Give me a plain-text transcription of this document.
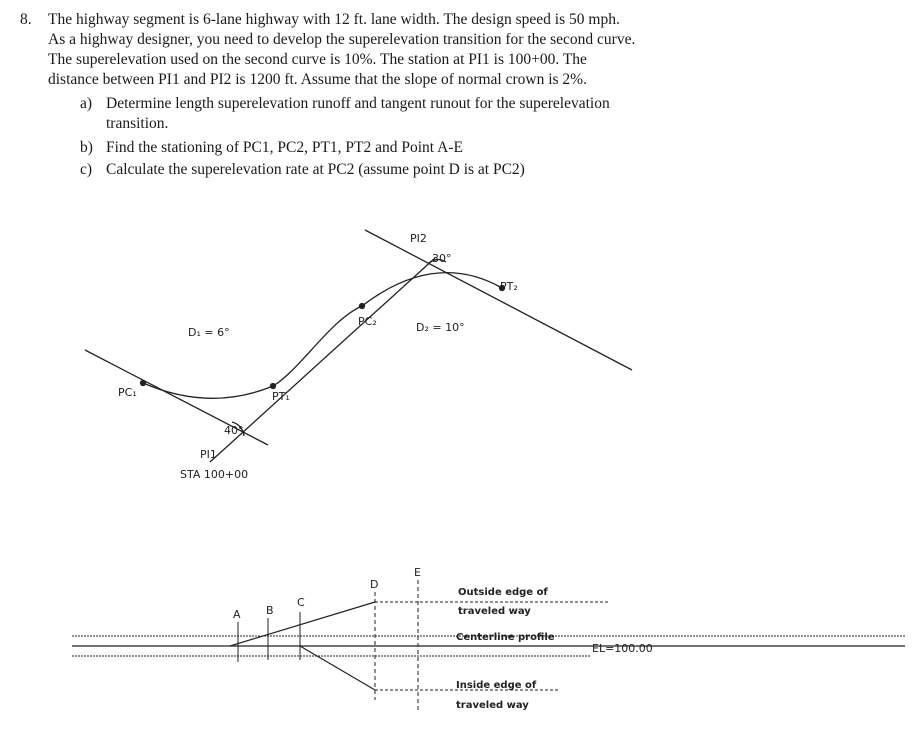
8. The highway segment is 6-lane highway with 12 ft. lane width. The design speed is 50 mph.
As a highway designer, you need to develop the superelevation transition for the second curve.
The superelevation used on the second curve is 10%. The station at PI1 is 100+00. The
distance between PI1 and PI2 is 1200 ft. Assume that the slope of normal crown is 2%.
a) Determine length superelevation runoff and tangent runout for the superelevation
transition.
b) Find the stationing of PC1, PC2, PT1, PT2 and Point A-E
c) Calculate the superelevation rate at PC2 (assume point D is at PC2)
PC₁	PT₁
PI1
STA 100+00
D₁ = 6°
40°
PC₂
PI2
30°
D₂ = 10°
PT₂
A B
C
D
E
Outside edge of
traveled way
Centerline profile
EL=100.00
Inside edge of
traveled way
